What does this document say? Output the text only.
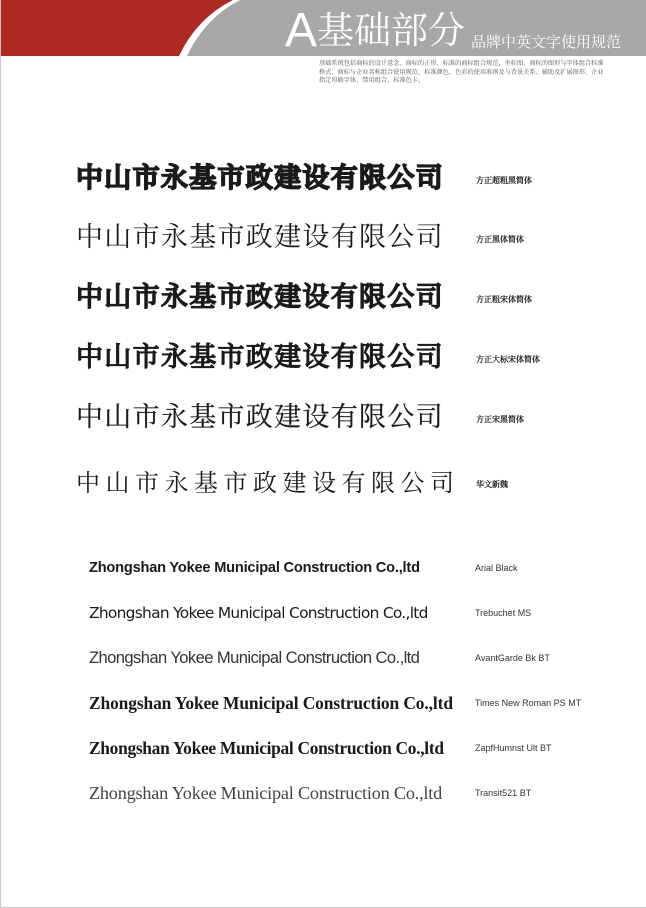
A 基础部分 品牌中英文字使用规范
基础系统包括商标的设计意念、商标的正形、标准的商标组合规范，坐标图、商标的图形与字体组合标准格式，商标与企业名称组合使用规范，标准颜色，色彩的使用准则及与背景关系、辅助及扩展图形、企业指定印刷字体、禁用组合、标准色卡。
中山市永基市政建设有限公司	方正超粗黑简体
中山市永基市政建设有限公司	方正黑体简体
中山市永基市政建设有限公司	方正粗宋体简体
中山市永基市政建设有限公司	方正大标宋体简体
中山市永基市政建设有限公司	方正宋黑简体
中山市永基市政建设有限公司 华文新魏
Zhongshan Yokee Municipal Construction Co.,ltd	Arial Black
Zhongshan Yokee Municipal Construction Co.,ltd	Trebuchet MS
Zhongshan Yokee Municipal Construction Co.,ltd	AvantGarde Bk BT
Zhongshan Yokee Municipal Construction Co.,ltd Times New Roman PS MT
Zhongshan Yokee Municipal Construction Co.,ltd	ZapfHumnst Ult BT
Zhongshan Yokee Municipal Construction Co.,ltd	Transit521 BT
